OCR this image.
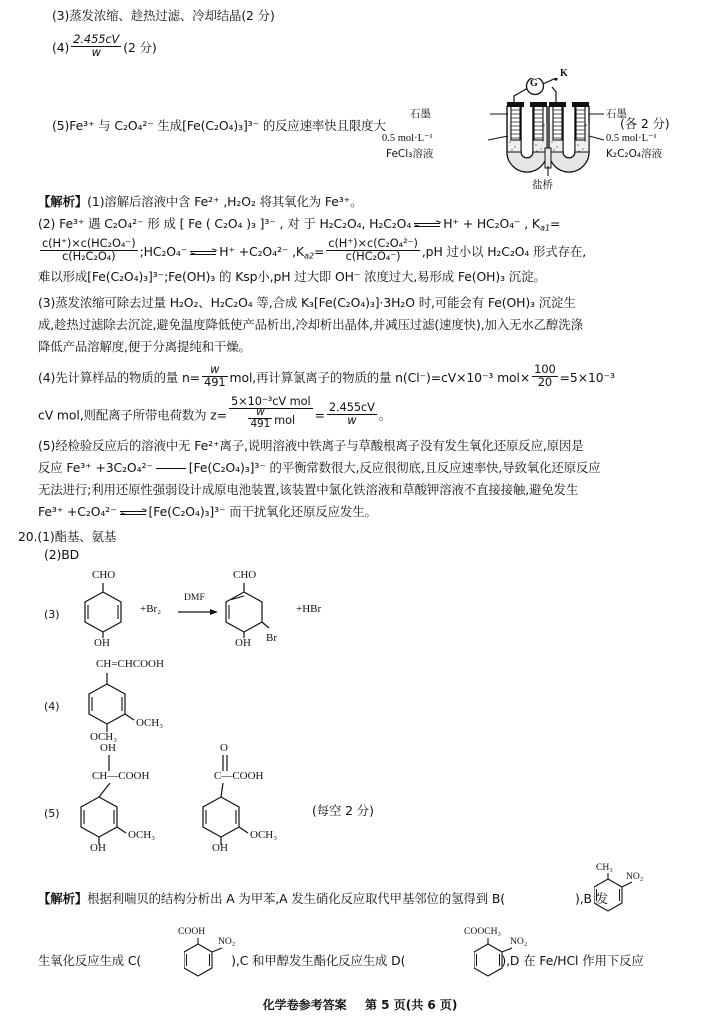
(3)蒸发浓缩、趁热过滤、冷却结晶(2 分)
$(4) \frac{2.455cV}{w} (2$ 分)
(5)Fe³⁺ 与 C₂O₄²⁻ 生成[Fe(C₂O₄)₃]³⁻ 的反应速率快且限度大	(各 2 分)
石墨	石墨
0.5 mol·L⁻¹
FeCl₃溶液
0.5 mol·L⁻¹
K₂C₂O₄溶液
盐桥
G
K
【解析】(1)溶解后溶液中含 Fe²⁺ ,H₂O₂ 将其氧化为 Fe³⁺。
(2) Fe³⁺ 遇 C₂O₄²⁻ 形 成 [ Fe ( C₂O₄ )₃ ]³⁻ , 对 于 H₂C₂O₄, H₂C₂O₄	H⁺ + HC₂O₄⁻ , $K_{a1}=$
$\frac{\text{c(H⁺)×c(HC₂O₄⁻)}}{\text{c(H₂C₂O₄)}}$ ;HC₂O₄⁻	H⁺ +C₂O₄²⁻ $,K_{a2}= \frac{\text{c(H⁺)×c(C₂O₄²⁻)}}{\text{c(HC₂O₄⁻)}} ,pH$ 过小以 H₂C₂O₄ 形式存在,
难以形成[Fe(C₂O₄)₃]³⁻;Fe(OH)₃ 的 Ksp小,pH 过大即 OH⁻ 浓度过大,易形成 Fe(OH)₃ 沉淀。
(3)蒸发浓缩可除去过量 H₂O₂、H₂C₂O₄ 等,合成 K₃[Fe(C₂O₄)₃]·3H₂O 时,可能会有 Fe(OH)₃ 沉淀生
成,趁热过滤除去沉淀,避免温度降低使产品析出,冷却析出晶体,并减压过滤(速度快),加入无水乙醇洗涤
降低产品溶解度,便于分离提纯和干燥。
(4)先计算样品的物质的量 $n= \frac{w}{491}$ mol,再计算氯离子的物质的量 n(Cl⁻)=cV×10⁻³ $mol\times \frac{100}{20} =5\times 10^{-3}$
cV mol,则配离子所带电荷数为 $z= \frac{\text{5×10⁻³cV mol}}{\frac{w}{491} mol} = \frac{2.455cV}{w}$ 。
(5)经检验反应后的溶液中无 Fe²⁺离子,说明溶液中铁离子与草酸根离子没有发生氧化还原反应,原因是
反应 Fe³⁺ +3C₂O₄²⁻	[Fe(C₂O₄)₃]³⁻ 的平衡常数很大,反应很彻底,且反应速率快,导致氧化还原反应
无法进行;利用还原性强弱设计成原电池装置,该装置中氯化铁溶液和草酸钾溶液不直接接触,避免发生
Fe³⁺ +C₂O₄²⁻	[Fe(C₂O₄)₃]³⁻ 而干扰氧化还原反应发生。
20.(1)酯基、氨基
(2)BD
(3)
CHO
OH
+Br₂
DMF
CHO
OH Br
+HBr
(4)
CH=CHCOOH
OCH₃
OCH₃
(5)
OH
CH—COOH
OCH₃
OH
O
C—COOH
OCH₃
OH
(每空 2 分)
【解析】根据利喘贝的结构分析出 A 为甲苯,A 发生硝化反应取代甲基邻位的氢得到 B(	),B 发
CH₃
NO₂
生氧化反应生成 C(	),C 和甲醇发生酯化反应生成 D(	),D 在 Fe/HCl 作用下反应
COOH
NO₂
COOCH₃
NO₂
化学卷参考答案 第 5 页(共 6 页)
